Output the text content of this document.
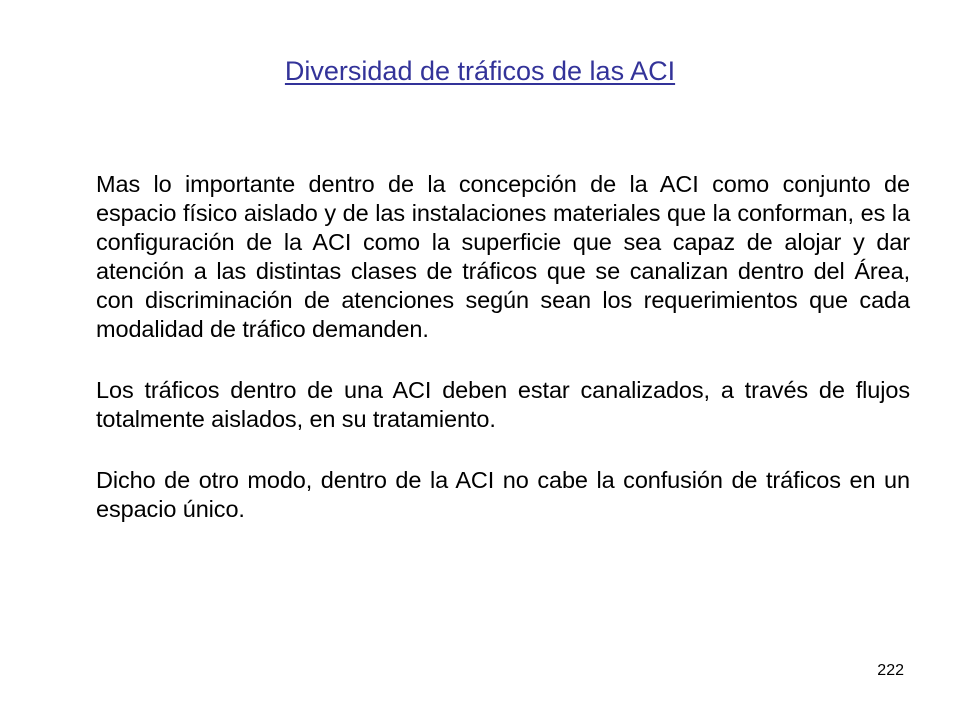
Diversidad de tráficos de las ACI

Mas lo importante dentro de la concepción de la ACI como conjunto de espacio físico aislado y de las instalaciones materiales que la conforman, es la configuración de la ACI como la superficie que sea capaz de alojar y dar atención a las distintas clases de tráficos que se canalizan dentro del Área, con discriminación de atenciones según sean los requerimientos que cada modalidad de tráfico demanden.

Los tráficos dentro de una ACI deben estar canalizados, a través de flujos totalmente aislados, en su tratamiento.

Dicho de otro modo, dentro de la ACI no cabe la confusión de tráficos en un espacio único.

222
